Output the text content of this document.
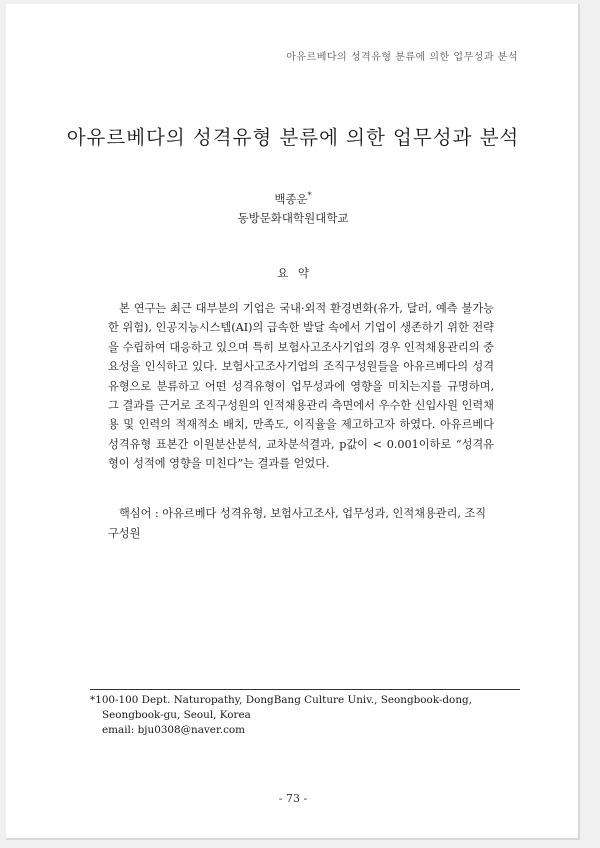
아유르베다의 성격유형 분류에 의한 업무성과 분석
아유르베다의 성격유형 분류에 의한 업무성과 분석
백종운*
동방문화대학원대학교
요 약
본 연구는 최근 대부분의 기업은 국내·외적 환경변화(유가, 달러, 예측 불가능한 위험), 인공지능시스템(AI)의 급속한 발달 속에서 기업이 생존하기 위한 전략을 수립하여 대응하고 있으며 특히 보험사고조사기업의 경우 인적채용관리의 중요성을 인식하고 있다. 보험사고조사기업의 조직구성원들을 아유르베다의 성격유형으로 분류하고 어떤 성격유형이 업무성과에 영향을 미치는지를 규명하며, 그 결과를 근거로 조직구성원의 인적채용관리 측면에서 우수한 신입사원 인력채용 및 인력의 적재적소 배치, 만족도, 이직율을 제고하고자 하였다. 아유르베다 성격유형 표본간 이원분산분석, 교차분석결과, p값이 < 0.001이하로 “성격유형이 성적에 영향을 미친다”는 결과를 얻었다.
핵심어 : 아유르베다 성격유형, 보험사고조사, 업무성과, 인적채용관리, 조직구성원
*100-100 Dept. Naturopathy, DongBang Culture Univ., Seongbook-dong,
Seongbook-gu, Seoul, Korea
email: bju0308@naver.com
- 73 -
